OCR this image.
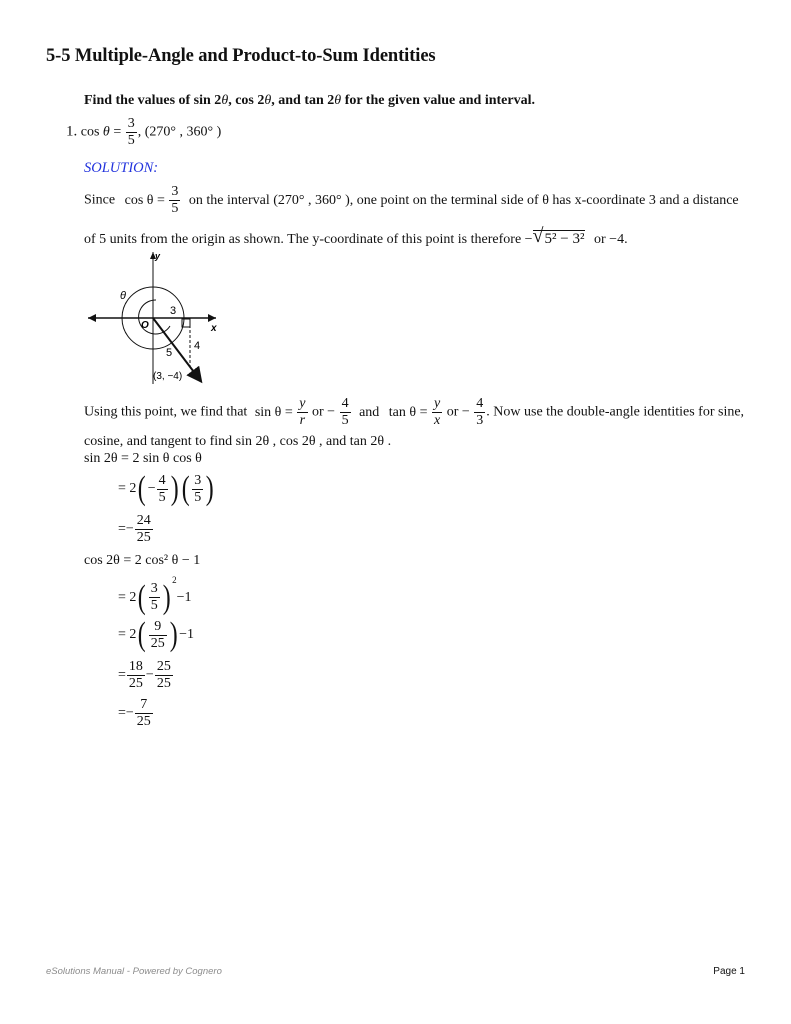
5-5 Multiple-Angle and Product-to-Sum Identities
Find the values of sin 2θ, cos 2θ, and tan 2θ for the given value and interval.
1. $\cos \theta = \frac{3}{5}$ , (270° , 360° )
SOLUTION:
Since $\cos \theta = \frac{3}{5}$ on the interval (270° , 360° ), one point on the terminal side of θ has x-coordinate 3 and a distance
of 5 units from the origin as shown. The y-coordinate of this point is therefore − √ 5² − 3² or −4.
y
x
O
θ
3
4
5
(3, −4)
Using this point, we find that $\sin \theta = \frac{y}{r}$ or − $\frac{4}{5}$ and $\tan \theta = \frac{y}{x}$ or − $\frac{4}{3}$ . Now use the double-angle identities for sine,
cosine, and tangent to find sin 2θ , cos 2θ , and tan 2θ .
sin 2θ = 2 sin θ cos θ
= $2( - \frac{4}{5}$ )( $\frac{3}{5}$ )
=− $\frac{24}{25}$
cos 2θ = 2 cos² θ − 1
= $2( \frac{3}{5}$ ) $^2$−1
= $2( \frac{9}{25}$ ) −1
= $\frac{18}{25} - \frac{25}{25}$
=− $\frac{7}{25}$
eSolutions Manual - Powered by Cognero	Page 1
